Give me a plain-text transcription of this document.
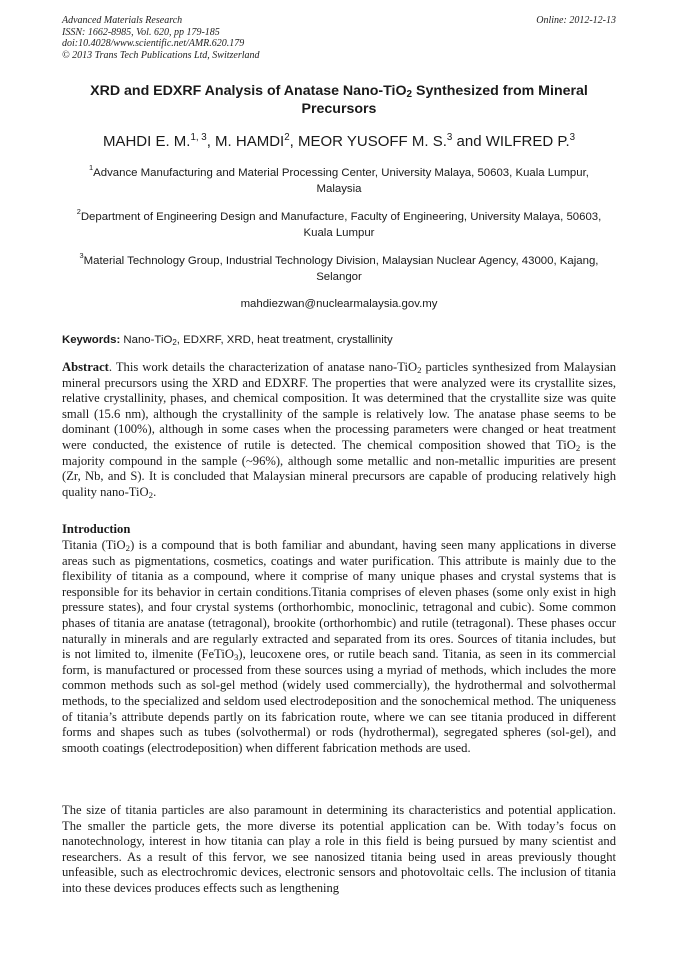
Advanced Materials Research
ISSN: 1662-8985, Vol. 620, pp 179-185
doi:10.4028/www.scientific.net/AMR.620.179
© 2013 Trans Tech Publications Ltd, Switzerland
Online: 2012-12-13
XRD and EDXRF Analysis of Anatase Nano-TiO$_2$ Synthesized from Mineral Precursors
MAHDI E. M.$^{1, 3}$, M. HAMDI$^2$, MEOR YUSOFF M. S.$^3$ and WILFRED P.$^3$
$^1$Advance Manufacturing and Material Processing Center, University Malaya, 50603, Kuala Lumpur, Malaysia
$^2$Department of Engineering Design and Manufacture, Faculty of Engineering, University Malaya, 50603, Kuala Lumpur
$^3$Material Technology Group, Industrial Technology Division, Malaysian Nuclear Agency, 43000, Kajang, Selangor
mahdiezwan@nuclearmalaysia.gov.my
Keywords: Nano-TiO$_2$, EDXRF, XRD, heat treatment, crystallinity

Abstract. This work details the characterization of anatase nano-TiO$_2$ particles synthesized from Malaysian mineral precursors using the XRD and EDXRF. The properties that were analyzed were its crystallite sizes, relative crystallinity, phases, and chemical composition. It was determined that the crystallite size was quite small (15.6 nm), although the crystallinity of the sample is relatively low. The anatase phase seems to be dominant (100%), although in some cases when the processing parameters were changed or heat treatment were conducted, the existence of rutile is detected. The chemical composition showed that TiO$_2$ is the majority compound in the sample (~96%), although some metallic and non-metallic impurities are present (Zr, Nb, and S). It is concluded that Malaysian mineral precursors are capable of producing relatively high quality nano-TiO$_2$.

Introduction

Titania (TiO$_2$) is a compound that is both familiar and abundant, having seen many applications in diverse areas such as pigmentations, cosmetics, coatings and water purification. This attribute is mainly due to the flexibility of titania as a compound, where it comprise of many unique phases and crystal systems that is responsible for its behavior in certain conditions.Titania comprises of eleven phases (some only exist in high pressure states), and four crystal systems (orthorhombic, monoclinic, tetragonal and cubic). Some common phases of titania are anatase (tetragonal), brookite (orthorhombic) and rutile (tetragonal). These phases occur naturally in minerals and are regularly extracted and separated from its ores. Sources of titania includes, but is not limited to, ilmenite (FeTiO$_3$), leucoxene ores, or rutile beach sand. Titania, as seen in its commercial form, is manufactured or processed from these sources using a myriad of methods, which includes the more common methods such as sol-gel method (widely used commercially), the hydrothermal and solvothermal methods, to the specialized and seldom used electrodeposition and the sonochemical method. The uniqueness of titania’s attribute depends partly on its fabrication route, where we can see titania produced in different forms and shapes such as tubes (solvothermal) or rods (hydrothermal), segregated spheres (sol-gel), and smooth coatings (electrodeposition) when different fabrication methods are used.

The size of titania particles are also paramount in determining its characteristics and potential application. The smaller the particle gets, the more diverse its potential application can be. With today’s focus on nanotechnology, interest in how titania can play a role in this field is being pursued by many scientist and researchers. As a result of this fervor, we see nanosized titania being used in areas previously thought unfeasible, such as electrochromic devices, electronic sensors and photovoltaic cells. The inclusion of titania into these devices produces effects such as lengthening
